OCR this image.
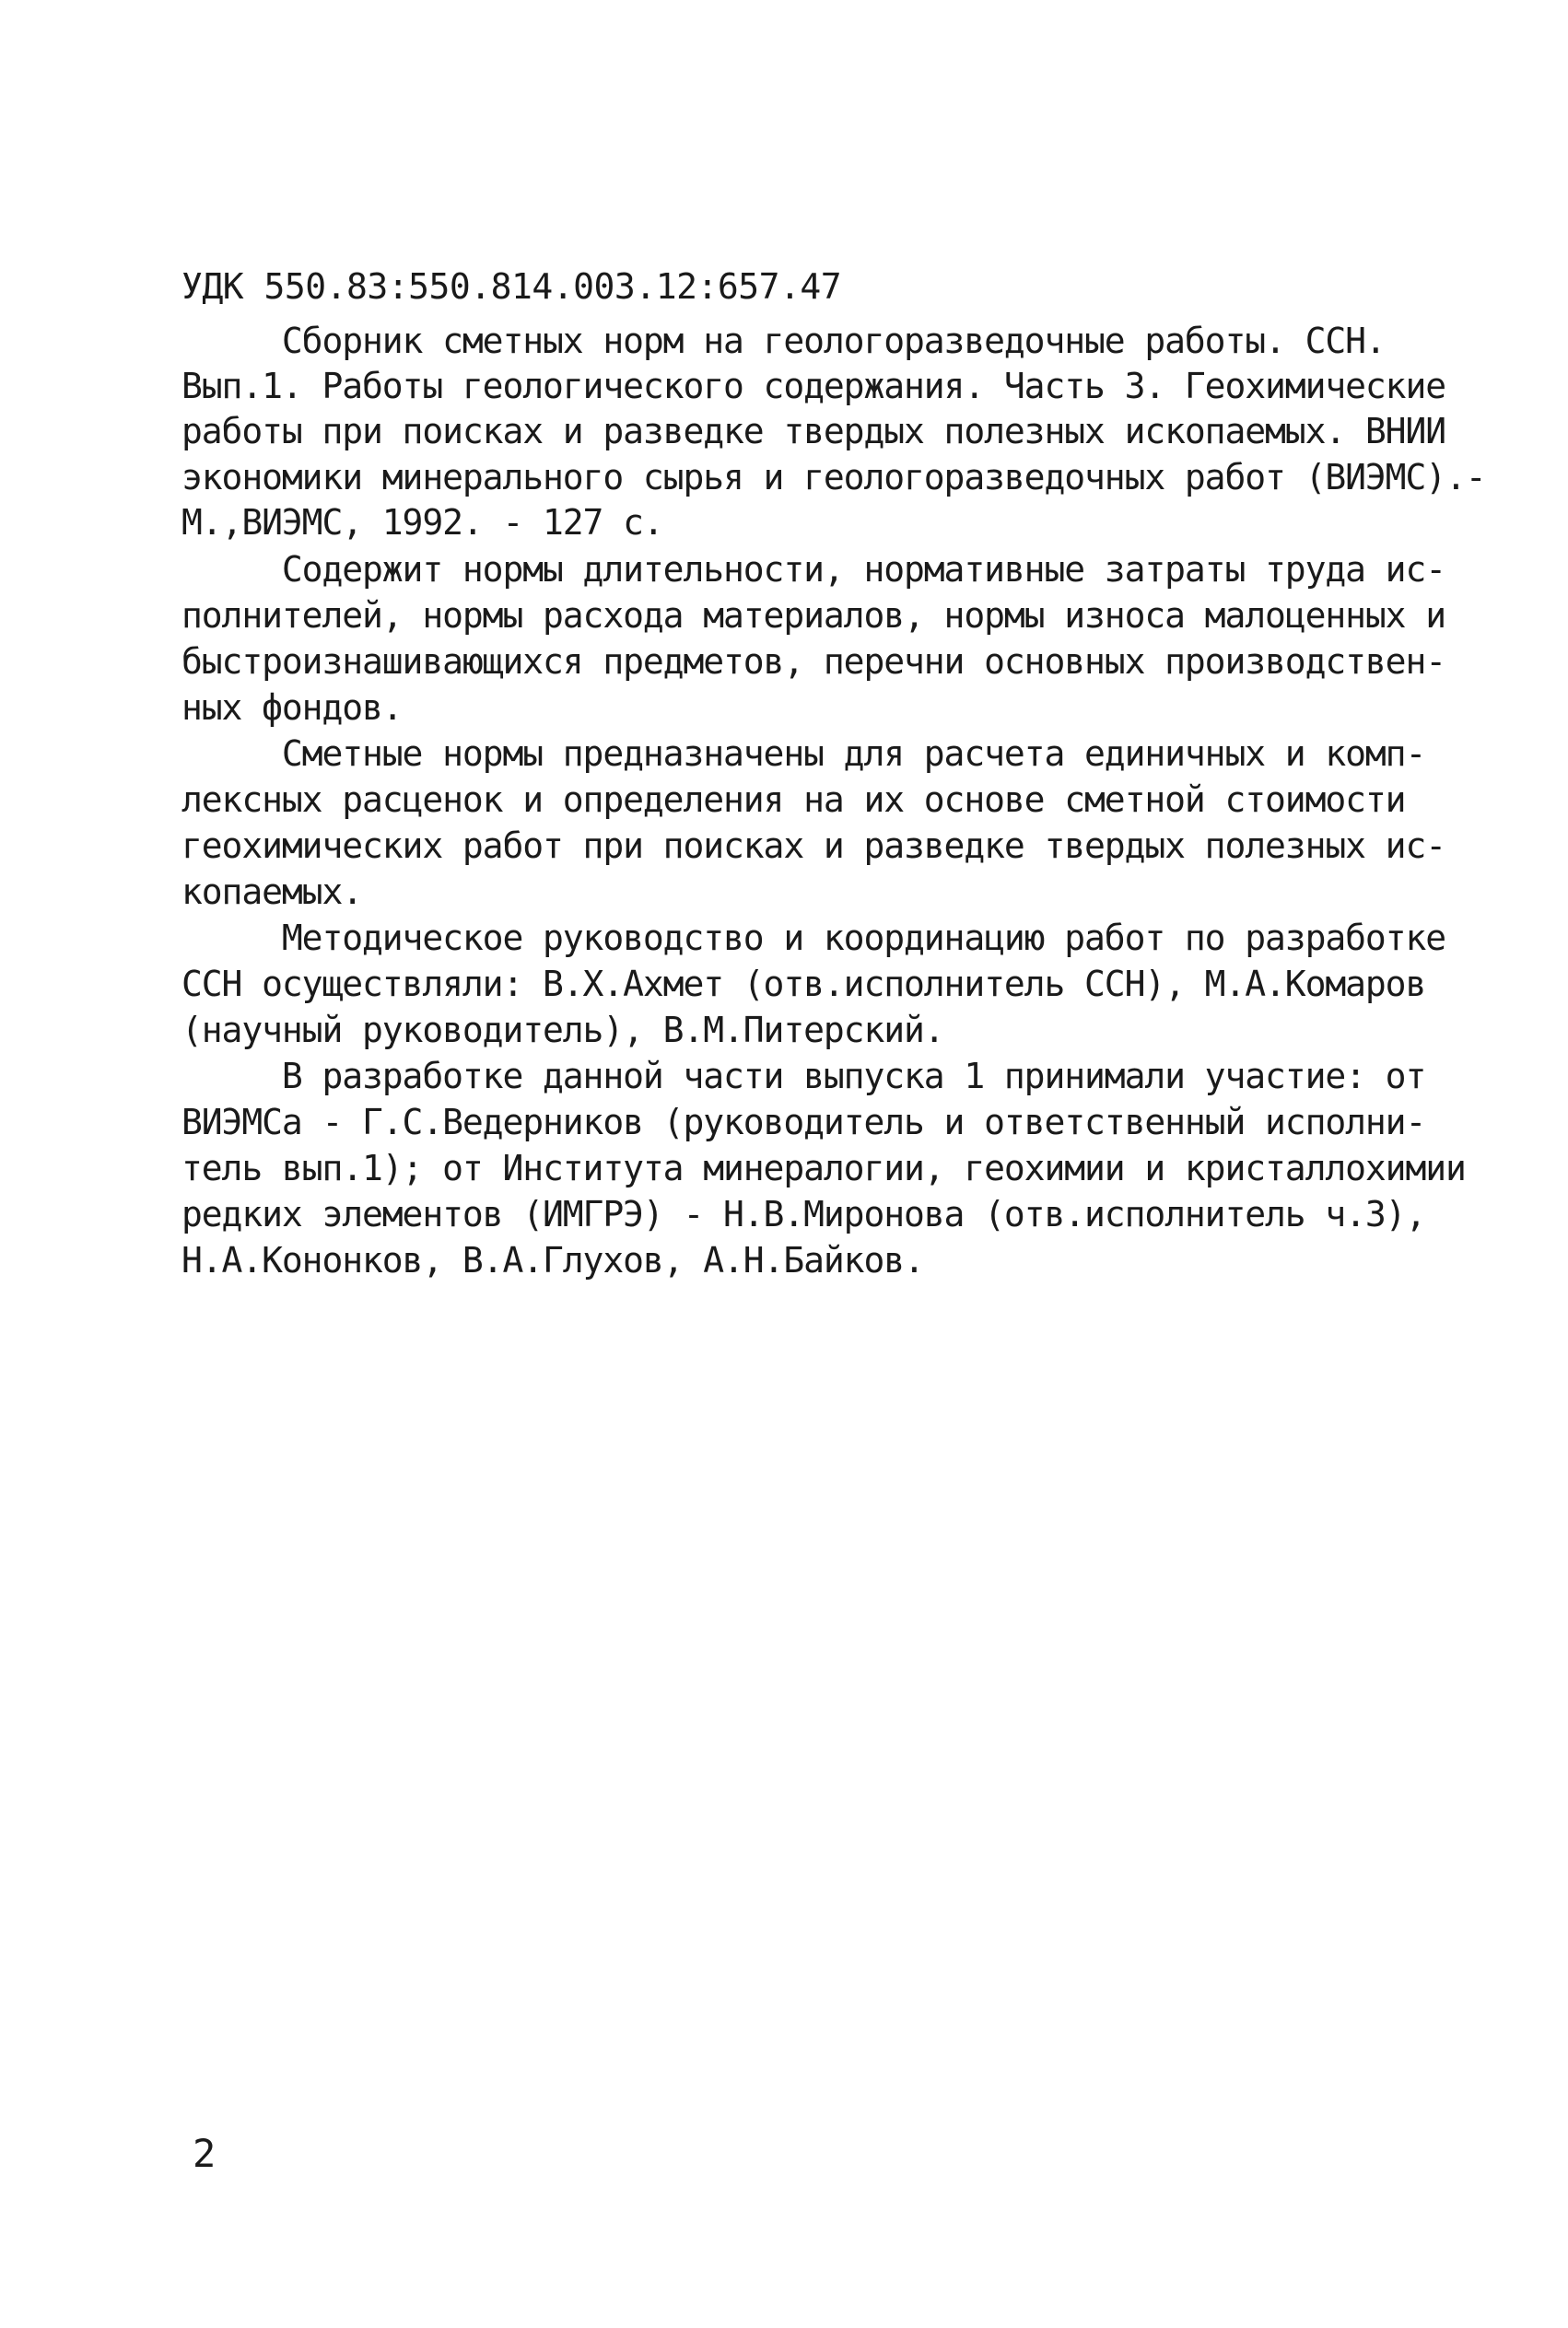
УДК 550.83:550.814.003.12:657.47
Сборник сметных норм на геологоразведочные работы. ССН.
Вып.1. Работы геологического содержания. Часть 3. Геохимические
работы при поисках и разведке твердых полезных ископаемых. ВНИИ
экономики минерального сырья и геологоразведочных работ (ВИЭМС).-
М.,ВИЭМС, 1992. - 127 с.
Содержит нормы длительности, нормативные затраты труда ис-
полнителей, нормы расхода материалов, нормы износа малоценных и
быстроизнашивающихся предметов, перечни основных производствен-
ных фондов.
Сметные нормы предназначены для расчета единичных и комп-
лексных расценок и определения на их основе сметной стоимости
геохимических работ при поисках и разведке твердых полезных ис-
копаемых.
Методическое руководство и координацию работ по разработке
ССН осуществляли: В.Х.Ахмет (отв.исполнитель ССН), М.А.Комаров
(научный руководитель), В.М.Питерский.
В разработке данной части выпуска 1 принимали участие: от
ВИЭМСа - Г.С.Ведерников (руководитель и ответственный исполни-
тель вып.1); от Института минералогии, геохимии и кристаллохимии
редких элементов (ИМГРЭ) - Н.В.Миронова (отв.исполнитель ч.3),
Н.А.Кононков, В.А.Глухов, А.Н.Байков.
2
